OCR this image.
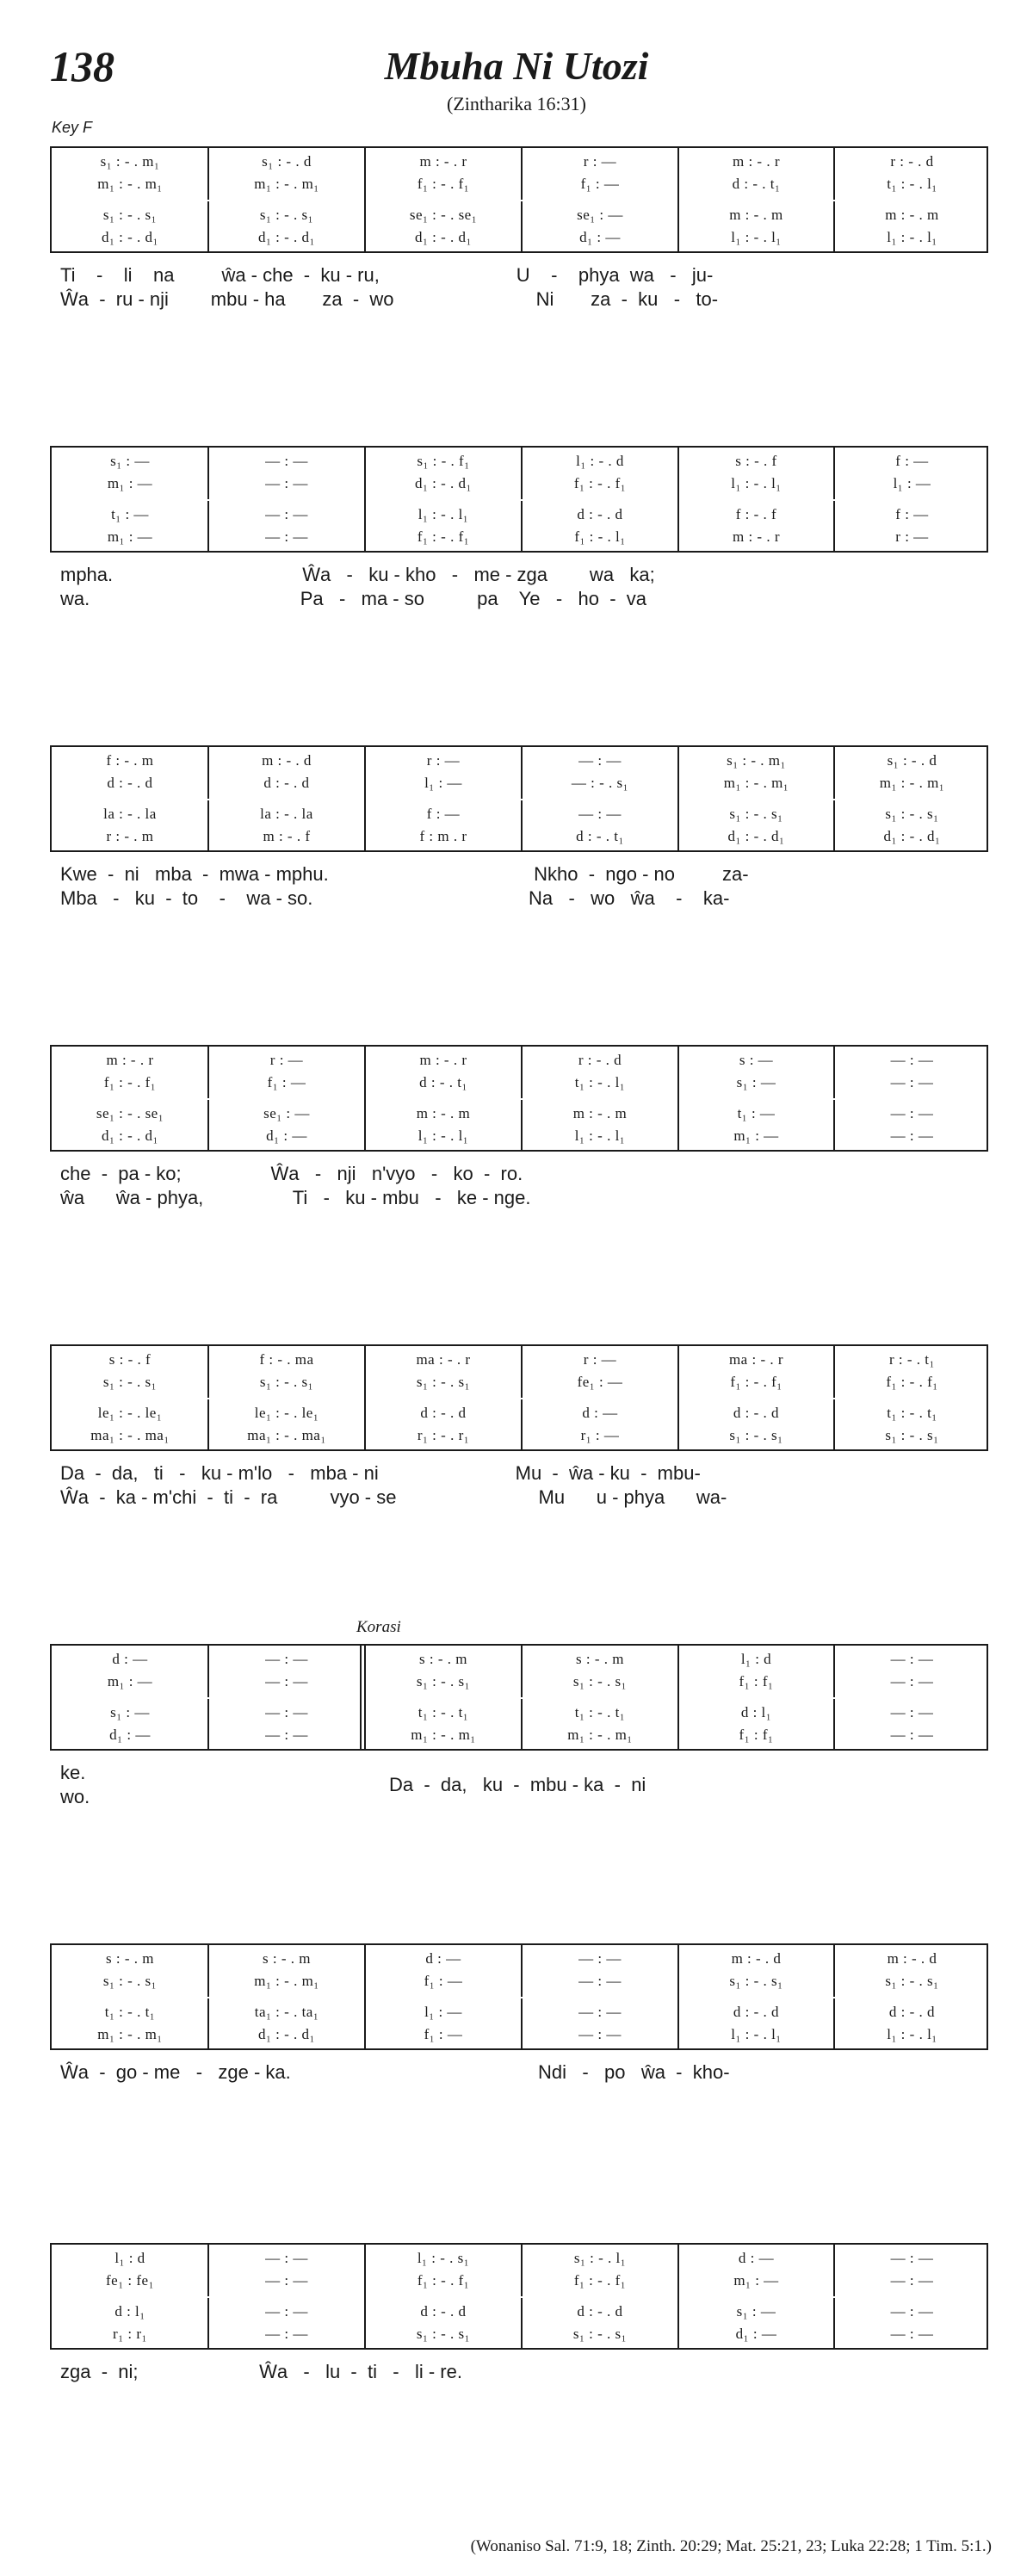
138	Mbuha Ni Utozi
(Zintharika 16:31)
Key F
Korasi
s₁ : - . m₁
m₁ : - . m₁
s₁ : - . s₁
d₁ : - . d₁
s₁ : - . d
m₁ : - . m₁
s₁ : - . s₁
d₁ : - . d₁
m : - . r
f₁ : - . f₁
se₁ : - . se₁
d₁ : - . d₁
r : —
f₁ : —
se₁ : —
d₁ : —
m : - . r
d : - . t₁
m : - . m
l₁ : - . l₁
r : - . d
t₁ : - . l₁
m : - . m
l₁ : - . l₁
Ti    -    li    na         ŵa - che  -  ku - ru,                          U    -    phya  wa   -   ju-
Ŵa  -  ru - nji        mbu - ha       za  -  wo                           Ni       za  -  ku   -   to-
s₁ : —
m₁ : —
t₁ : —
m₁ : —
— : —
— : —
— : —
— : —
s₁ : - . f₁
d₁ : - . d₁
l₁ : - . l₁
f₁ : - . f₁
l₁ : - . d
f₁ : - . f₁
d : - . d
f₁ : - . l₁
s : - . f
l₁ : - . l₁
f : - . f
m : - . r
f : —
l₁ : —
f : —
r : —
mpha.                                    Ŵa   -   ku - kho   -   me - zga        wa   ka;
wa.                                        Pa   -   ma - so          pa    Ye   -   ho  -  va
f : - . m
d : - . d
la : - . la
r : - . m
m : - . d
d : - . d
la : - . la
m : - . f
r : —
l₁ : —
f : —
f : m . r
— : —
— : - . s₁
— : —
d : - . t₁
s₁ : - . m₁
m₁ : - . m₁
s₁ : - . s₁
d₁ : - . d₁
s₁ : - . d
m₁ : - . m₁
s₁ : - . s₁
d₁ : - . d₁
Kwe  -  ni   mba  -  mwa - mphu.                                       Nkho  -  ngo - no         za-
Mba   -   ku  -  to    -    wa - so.                                         Na   -   wo   ŵa    -    ka-
m : - . r
f₁ : - . f₁
se₁ : - . se₁
d₁ : - . d₁
r : —
f₁ : —
se₁ : —
d₁ : —
m : - . r
d : - . t₁
m : - . m
l₁ : - . l₁
r : - . d
t₁ : - . l₁
m : - . m
l₁ : - . l₁
s : —
s₁ : —
t₁ : —
m₁ : —
— : —
— : —
— : —
— : —
che  -  pa - ko;                 Ŵa   -   nji   n'vyo   -   ko  -  ro.
ŵa      ŵa - phya,                 Ti   -   ku - mbu   -   ke - nge.
s : - . f
s₁ : - . s₁
le₁ : - . le₁
ma₁ : - . ma₁
f : - . ma
s₁ : - . s₁
le₁ : - . le₁
ma₁ : - . ma₁
ma : - . r
s₁ : - . s₁
d : - . d
r₁ : - . r₁
r : —
fe₁ : —
d : —
r₁ : —
ma : - . r
f₁ : - . f₁
d : - . d
s₁ : - . s₁
r : - . t₁
f₁ : - . f₁
t₁ : - . t₁
s₁ : - . s₁
Da  -  da,   ti   -   ku - m'lo   -   mba - ni                          Mu  -  ŵa - ku  -  mbu-
Ŵa  -  ka - m'chi  -  ti  -  ra          vyo - se                           Mu      u - phya      wa-
d : —
m₁ : —
s₁ : —
d₁ : —
— : —
— : —
— : —
— : —
s : - . m
s₁ : - . s₁
t₁ : - . t₁
m₁ : - . m₁
s : - . m
s₁ : - . s₁
t₁ : - . t₁
m₁ : - . m₁
l₁ : d
f₁ : f₁
d : l₁
f₁ : f₁
— : —
— : —
— : —
— : —
ke.
wo.
Da  -  da,   ku  -  mbu - ka  -  ni
s : - . m
s₁ : - . s₁
t₁ : - . t₁
m₁ : - . m₁
s : - . m
m₁ : - . m₁
ta₁ : - . ta₁
d₁ : - . d₁
d : —
f₁ : —
l₁ : —
f₁ : —
— : —
— : —
— : —
— : —
m : - . d
s₁ : - . s₁
d : - . d
l₁ : - . l₁
m : - . d
s₁ : - . s₁
d : - . d
l₁ : - . l₁
Ŵa  -  go - me   -   zge - ka.                                               Ndi   -   po   ŵa  -  kho-
l₁ : d
fe₁ : fe₁
d : l₁
r₁ : r₁
— : —
— : —
— : —
— : —
l₁ : - . s₁
f₁ : - . f₁
d : - . d
s₁ : - . s₁
s₁ : - . l₁
f₁ : - . f₁
d : - . d
s₁ : - . s₁
d : —
m₁ : —
s₁ : —
d₁ : —
— : —
— : —
— : —
— : —
zga  -  ni;                       Ŵa   -   lu  -  ti   -   li - re.
(Wonaniso Sal. 71:9, 18; Zinth. 20:29; Mat. 25:21, 23; Luka 22:28; 1 Tim. 5:1.)
